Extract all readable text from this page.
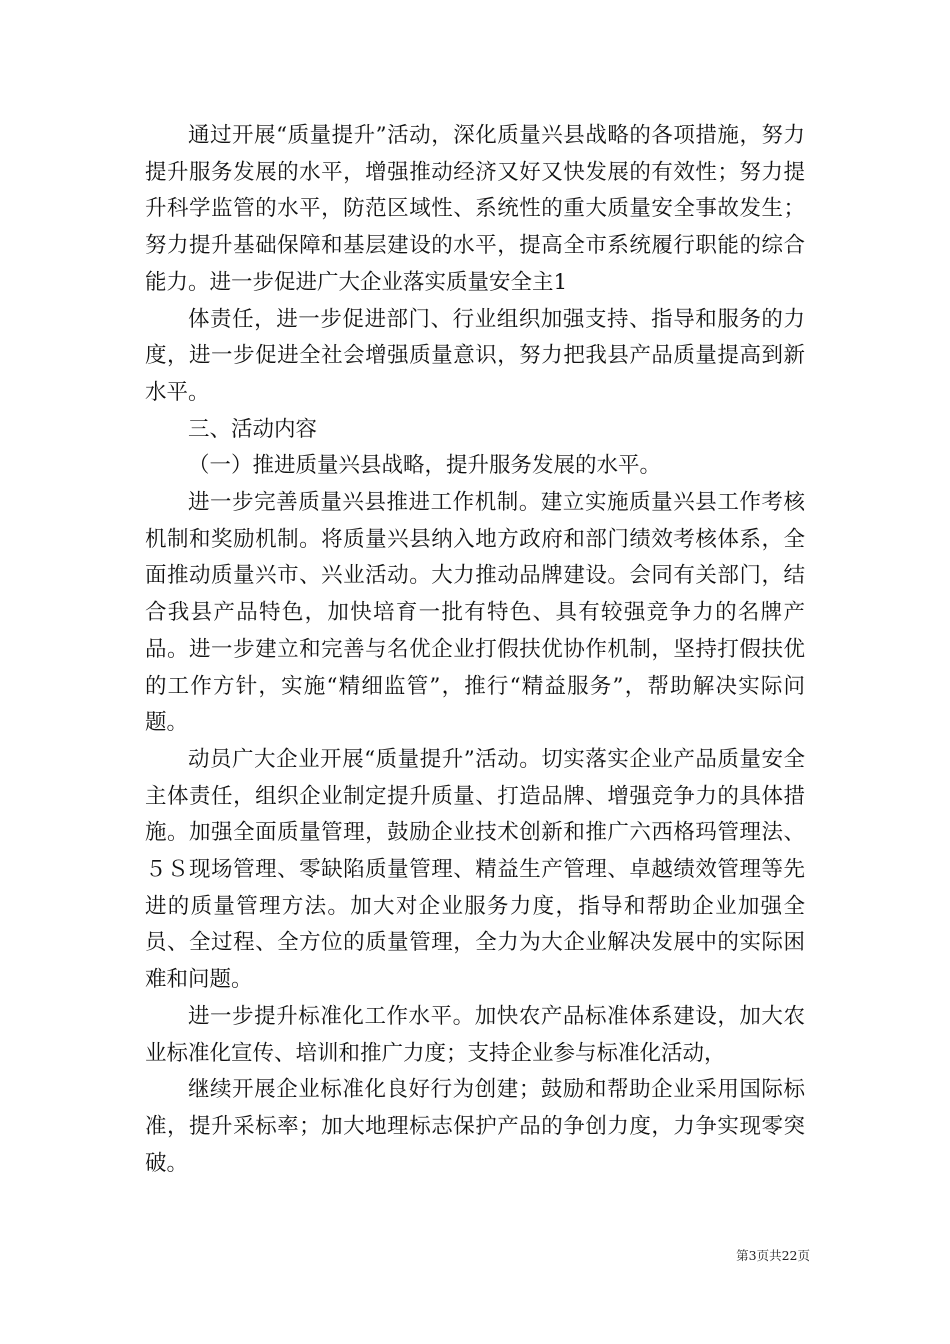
通过开展“质量提升”活动，深化质量兴县战略的各项措施，努力提升服务发展的水平，增强推动经济又好又快发展的有效性；努力提升科学监管的水平，防范区域性、系统性的重大质量安全事故发生；努力提升基础保障和基层建设的水平，提高全市系统履行职能的综合能力。进一步促进广大企业落实质量安全主1

体责任，进一步促进部门、行业组织加强支持、指导和服务的力度，进一步促进全社会增强质量意识，努力把我县产品质量提高到新水平。

三、活动内容

（一）推进质量兴县战略，提升服务发展的水平。

进一步完善质量兴县推进工作机制。建立实施质量兴县工作考核机制和奖励机制。将质量兴县纳入地方政府和部门绩效考核体系，全面推动质量兴市、兴业活动。大力推动品牌建设。会同有关部门，结合我县产品特色，加快培育一批有特色、具有较强竞争力的名牌产品。进一步建立和完善与名优企业打假扶优协作机制，坚持打假扶优的工作方针，实施“精细监管”，推行“精益服务”，帮助解决实际问题。

动员广大企业开展“质量提升”活动。切实落实企业产品质量安全主体责任，组织企业制定提升质量、打造品牌、增强竞争力的具体措施。加强全面质量管理，鼓励企业技术创新和推广六西格玛管理法、５Ｓ现场管理、零缺陷质量管理、精益生产管理、卓越绩效管理等先进的质量管理方法。加大对企业服务力度，指导和帮助企业加强全员、全过程、全方位的质量管理，全力为大企业解决发展中的实际困难和问题。

进一步提升标准化工作水平。加快农产品标准体系建设，加大农业标准化宣传、培训和推广力度；支持企业参与标准化活动，

继续开展企业标准化良好行为创建；鼓励和帮助企业采用国际标准，提升采标率；加大地理标志保护产品的争创力度，力争实现零突破。

第3页共22页
